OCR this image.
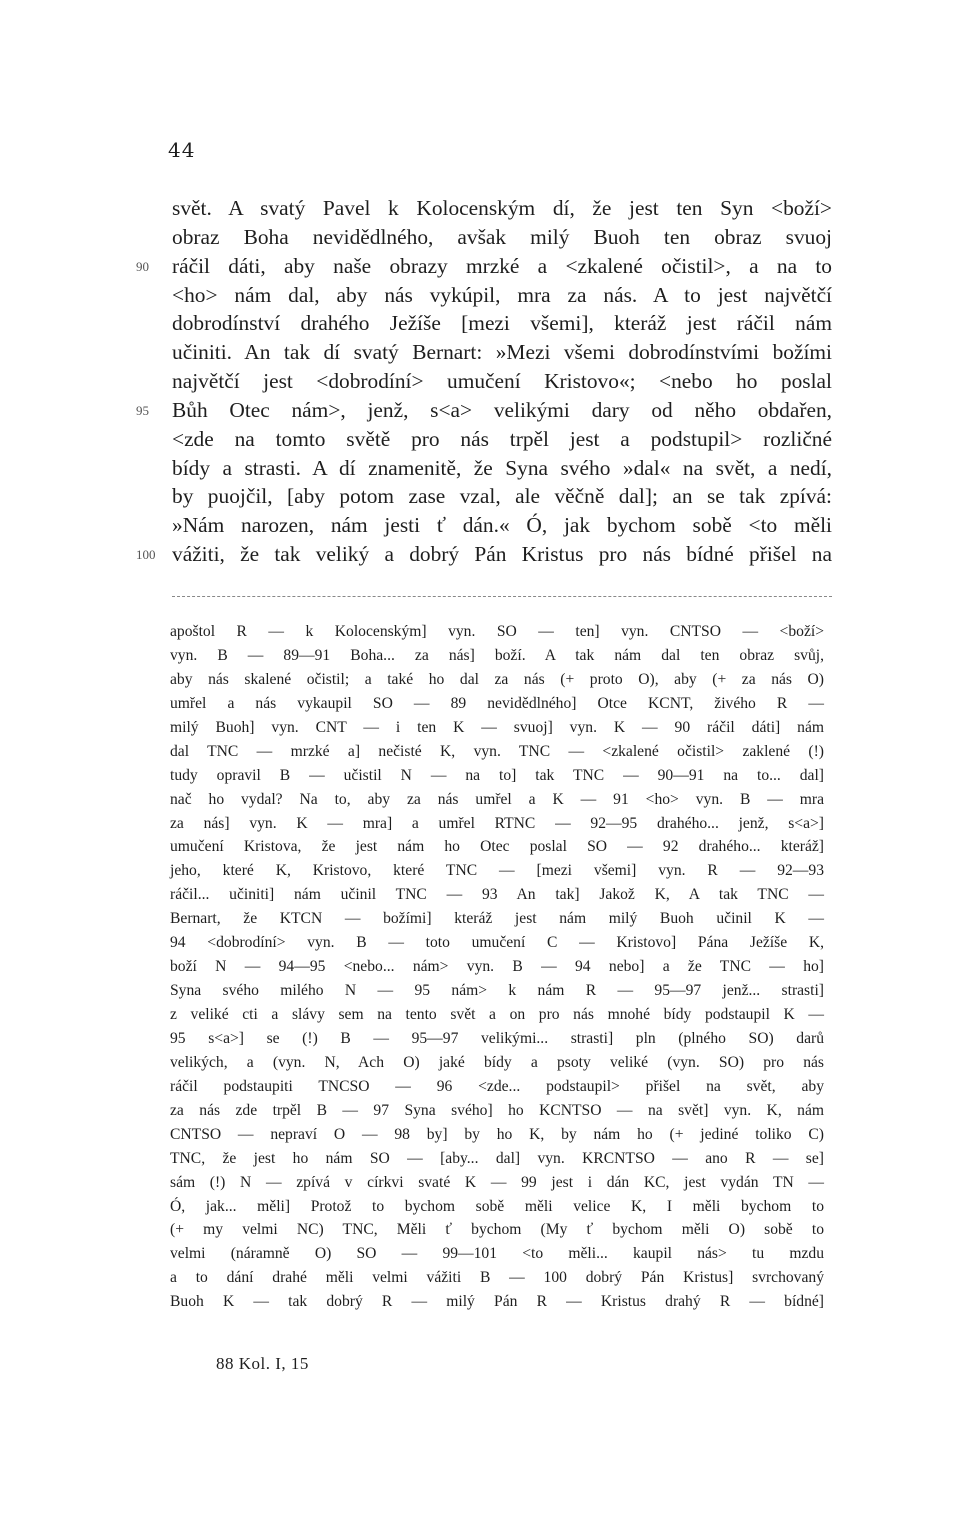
44
svět. A svatý Pavel k Kolocenským dí, že jest ten Syn <boží>
obraz Boha nevidědlného, avšak milý Buoh ten obraz svuoj
90	ráčil dáti, aby naše obrazy mrzké a <zkalené očistil>, a na to
<ho> nám dal, aby nás vykúpil, mra za nás. A to jest najvětčí
dobrodínství drahého Ježíše [mezi všemi], kteráž jest ráčil nám
učiniti. An tak dí svatý Bernart: »Mezi všemi dobrodínstvími božími
najvětčí jest <dobrodíní> umučení Kristovo«; <nebo ho poslal
95	Bůh Otec nám>, jenž, s<a> velikými dary od něho obdařen,
<zde na tomto světě pro nás trpěl jest a podstupil> rozličné
bídy a strasti. A dí znamenitě, že Syna svého »dal« na svět, a nedí,
by puojčil, [aby potom zase vzal, ale věčně dal]; an se tak zpívá:
»Nám narozen, nám jesti ť dán.« Ó, jak bychom sobě <to měli
100 vážiti, že tak veliký a dobrý Pán Kristus pro nás bídné přišel na
apoštol R — k Kolocenským] vyn. SO — ten] vyn. CNTSO — <boží>
vyn. B — 89—91 Boha... za nás] boží. A tak nám dal ten obraz svůj,
aby nás skalené očistil; a také ho dal za nás (+ proto O), aby (+ za nás O)
umřel a nás vykaupil SO — 89 nevidědlného] Otce KCNT, živého R —
milý Buoh] vyn. CNT — i ten K — svuoj] vyn. K — 90 ráčil dáti] nám
dal TNC — mrzké a] nečisté K, vyn. TNC — <zkalené očistil> zaklené (!)
tudy opravil B — učistil N — na to] tak TNC — 90—91 na to... dal]
nač ho vydal? Na to, aby za nás umřel a K — 91 <ho> vyn. B — mra
za nás] vyn. K — mra] a umřel RTNC — 92—95 drahého... jenž, s<a>]
umučení Kristova, že jest nám ho Otec poslal SO — 92 drahého... kteráž]
jeho, které K, Kristovo, které TNC — [mezi všemi] vyn. R — 92—93
ráčil... učiniti] nám učinil TNC — 93 An tak] Jakož K, A tak TNC —
Bernart, že KTCN — božími] kteráž jest nám milý Buoh učinil K —
94 <dobrodíní> vyn. B — toto umučení C — Kristovo] Pána Ježíše K,
boží N — 94—95 <nebo... nám> vyn. B — 94 nebo] a že TNC — ho]
Syna svého milého N — 95 nám> k nám R — 95—97 jenž... strasti]
z veliké cti a slávy sem na tento svět a on pro nás mnohé bídy podstaupil K —
95 s<a>] se (!) B — 95—97 velikými... strasti] pln (plného SO) darů
velikých, a (vyn. N, Ach O) jaké bídy a psoty veliké (vyn. SO) pro nás
ráčil podstaupiti TNCSO — 96 <zde... podstaupil> přišel na svět, aby
za nás zde trpěl B — 97 Syna svého] ho KCNTSO — na svět] vyn. K, nám
CNTSO — nepraví O — 98 by] by ho K, by nám ho (+ jediné toliko C)
TNC, že jest ho nám SO — [aby... dal] vyn. KRCNTSO — ano R — se]
sám (!) N — zpívá v církvi svaté K — 99 jest i dán KC, jest vydán TN —
Ó, jak... měli] Protož to bychom sobě měli velice K, I měli bychom to
(+ my velmi NC) TNC, Měli ť bychom (My ť bychom měli O) sobě to
velmi (náramně O) SO — 99—101 <to měli... kaupil nás> tu mzdu
a to dání drahé měli velmi vážiti B — 100 dobrý Pán Kristus] svrchovaný
Buoh K — tak dobrý R — milý Pán R — Kristus drahý R — bídné]
88 Kol. I, 15
